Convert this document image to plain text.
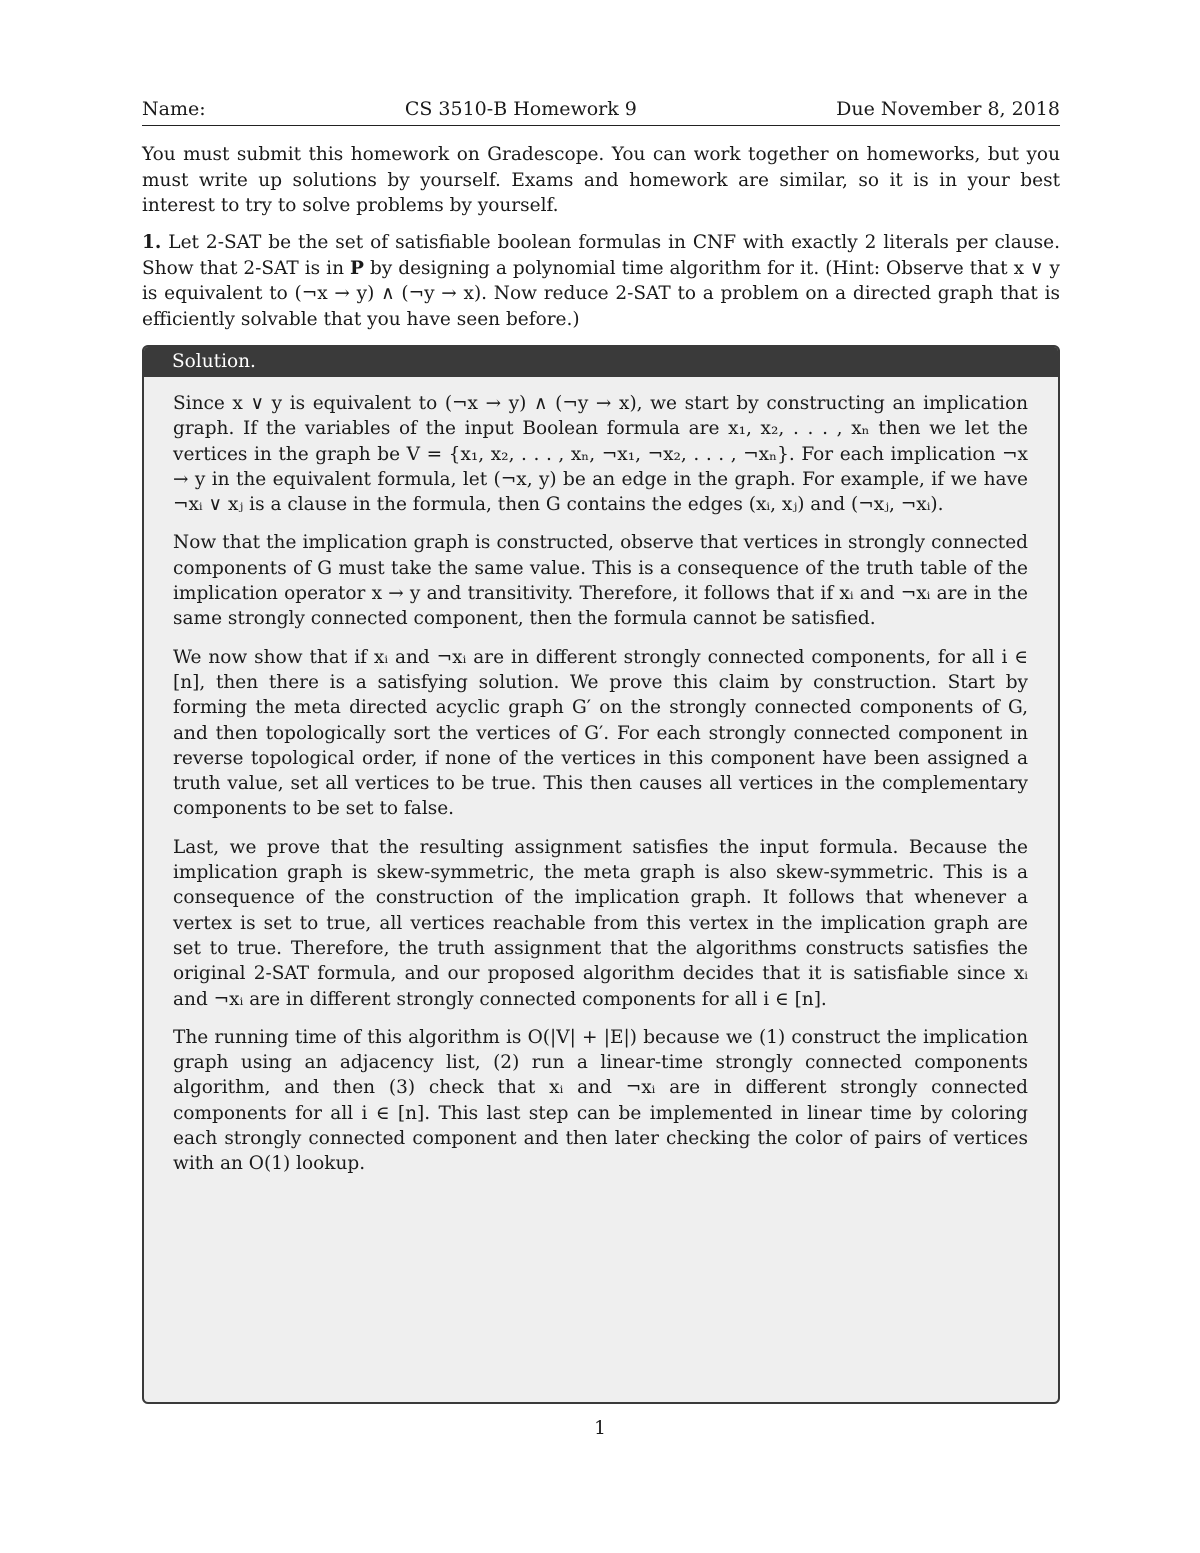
Name:	CS 3510-B Homework 9	Due November 8, 2018

You must submit this homework on Gradescope. You can work together on homeworks, but you must write up solutions by yourself. Exams and homework are similar, so it is in your best interest to try to solve problems by yourself.

1. Let 2-SAT be the set of satisfiable boolean formulas in CNF with exactly 2 literals per clause. Show that 2-SAT is in P by designing a polynomial time algorithm for it. (Hint: Observe that x ∨ y is equivalent to (¬x → y) ∧ (¬y → x). Now reduce 2-SAT to a problem on a directed graph that is efficiently solvable that you have seen before.)

Solution.

Since x ∨ y is equivalent to (¬x → y) ∧ (¬y → x), we start by constructing an implication graph. If the variables of the input Boolean formula are x₁, x₂, . . . , xₙ then we let the vertices in the graph be V = {x₁, x₂, . . . , xₙ, ¬x₁, ¬x₂, . . . , ¬xₙ}. For each implication ¬x → y in the equivalent formula, let (¬x, y) be an edge in the graph. For example, if we have ¬xᵢ ∨ xⱼ is a clause in the formula, then G contains the edges (xᵢ, xⱼ) and (¬xⱼ, ¬xᵢ).

Now that the implication graph is constructed, observe that vertices in strongly connected components of G must take the same value. This is a consequence of the truth table of the implication operator x → y and transitivity. Therefore, it follows that if xᵢ and ¬xᵢ are in the same strongly connected component, then the formula cannot be satisfied.

We now show that if xᵢ and ¬xᵢ are in different strongly connected components, for all i ∈ [n], then there is a satisfying solution. We prove this claim by construction. Start by forming the meta directed acyclic graph G′ on the strongly connected components of G, and then topologically sort the vertices of G′. For each strongly connected component in reverse topological order, if none of the vertices in this component have been assigned a truth value, set all vertices to be true. This then causes all vertices in the complementary components to be set to false.

Last, we prove that the resulting assignment satisfies the input formula. Because the implication graph is skew-symmetric, the meta graph is also skew-symmetric. This is a consequence of the construction of the implication graph. It follows that whenever a vertex is set to true, all vertices reachable from this vertex in the implication graph are set to true. Therefore, the truth assignment that the algorithms constructs satisfies the original 2-SAT formula, and our proposed algorithm decides that it is satisfiable since xᵢ and ¬xᵢ are in different strongly connected components for all i ∈ [n].

The running time of this algorithm is O(|V| + |E|) because we (1) construct the implication graph using an adjacency list, (2) run a linear-time strongly connected components algorithm, and then (3) check that xᵢ and ¬xᵢ are in different strongly connected components for all i ∈ [n]. This last step can be implemented in linear time by coloring each strongly connected component and then later checking the color of pairs of vertices with an O(1) lookup.

1
